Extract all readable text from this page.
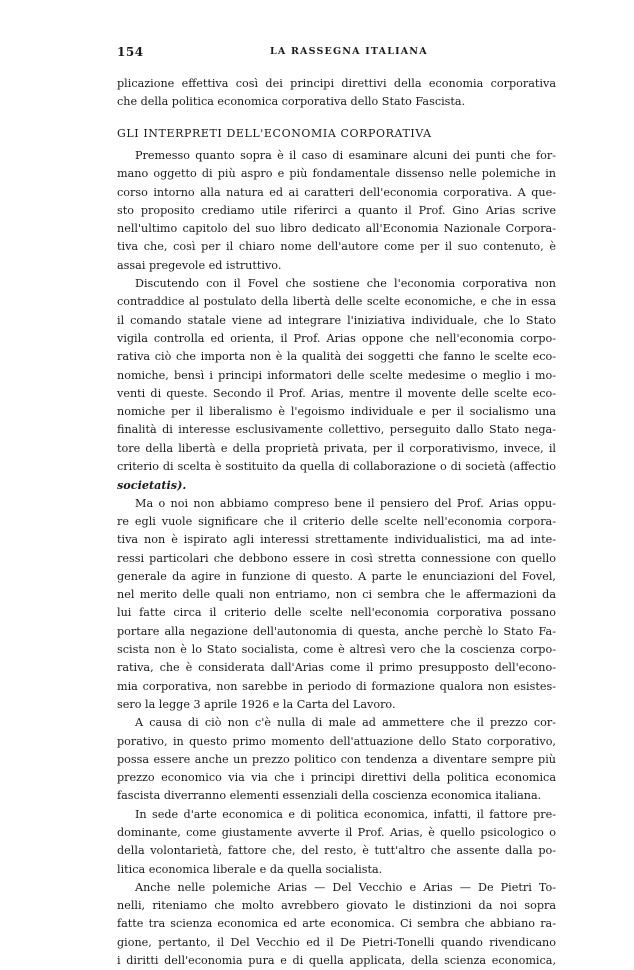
154	LA RASSEGNA ITALIANA
plicazione effettiva così dei principi direttivi della economia corporativa
che della politica economica corporativa dello Stato Fascista.
GLI INTERPRETI DELL'ECONOMIA CORPORATIVA
Premesso quanto sopra è il caso di esaminare alcuni dei punti che for-
mano oggetto di più aspro e più fondamentale dissenso nelle polemiche in
corso intorno alla natura ed ai caratteri dell'economia corporativa. A que-
sto proposito crediamo utile riferirci a quanto il Prof. Gino Arias scrive
nell'ultimo capitolo del suo libro dedicato all'Economia Nazionale Corpora-
tiva che, così per il chiaro nome dell'autore come per il suo contenuto, è
assai pregevole ed istruttivo.
Discutendo con il Fovel che sostiene che l'economia corporativa non
contraddice al postulato della libertà delle scelte economiche, e che in essa
il comando statale viene ad integrare l'iniziativa individuale, che lo Stato
vigila controlla ed orienta, il Prof. Arias oppone che nell'economia corpo-
rativa ciò che importa non è la qualità dei soggetti che fanno le scelte eco-
nomiche, bensì i principi informatori delle scelte medesime o meglio i mo-
venti di queste. Secondo il Prof. Arias, mentre il movente delle scelte eco-
nomiche per il liberalismo è l'egoismo individuale e per il socialismo una
finalità di interesse esclusivamente collettivo, perseguito dallo Stato nega-
tore della libertà e della proprietà privata, per il corporativismo, invece, il
criterio di scelta è sostituito da quella di collaborazione o di società (affectio
societatis).
Ma o noi non abbiamo compreso bene il pensiero del Prof. Arias oppu-
re egli vuole significare che il criterio delle scelte nell'economia corpora-
tiva non è ispirato agli interessi strettamente individualistici, ma ad inte-
ressi particolari che debbono essere in così stretta connessione con quello
generale da agire in funzione di questo. A parte le enunciazioni del Fovel,
nel merito delle quali non entriamo, non ci sembra che le affermazioni da
lui fatte circa il criterio delle scelte nell'economia corporativa possano
portare alla negazione dell'autonomia di questa, anche perchè lo Stato Fa-
scista non è lo Stato socialista, come è altresì vero che la coscienza corpo-
rativa, che è considerata dall'Arias come il primo presupposto dell'econo-
mia corporativa, non sarebbe in periodo di formazione qualora non esistes-
sero la legge 3 aprile 1926 e la Carta del Lavoro.
A causa di ciò non c'è nulla di male ad ammettere che il prezzo cor-
porativo, in questo primo momento dell'attuazione dello Stato corporativo,
possa essere anche un prezzo politico con tendenza a diventare sempre più
prezzo economico via via che i principi direttivi della politica economica
fascista diverranno elementi essenziali della coscienza economica italiana.
In sede d'arte economica e di politica economica, infatti, il fattore pre-
dominante, come giustamente avverte il Prof. Arias, è quello psicologico o
della volontarietà, fattore che, del resto, è tutt'altro che assente dalla po-
litica economica liberale e da quella socialista.
Anche nelle polemiche Arias — Del Vecchio e Arias — De Pietri To-
nelli, riteniamo che molto avrebbero giovato le distinzioni da noi sopra
fatte tra scienza economica ed arte economica. Ci sembra che abbiano ra-
gione, pertanto, il Del Vecchio ed il De Pietri-Tonelli quando rivendicano
i diritti dell'economia pura e di quella applicata, della scienza economica,
